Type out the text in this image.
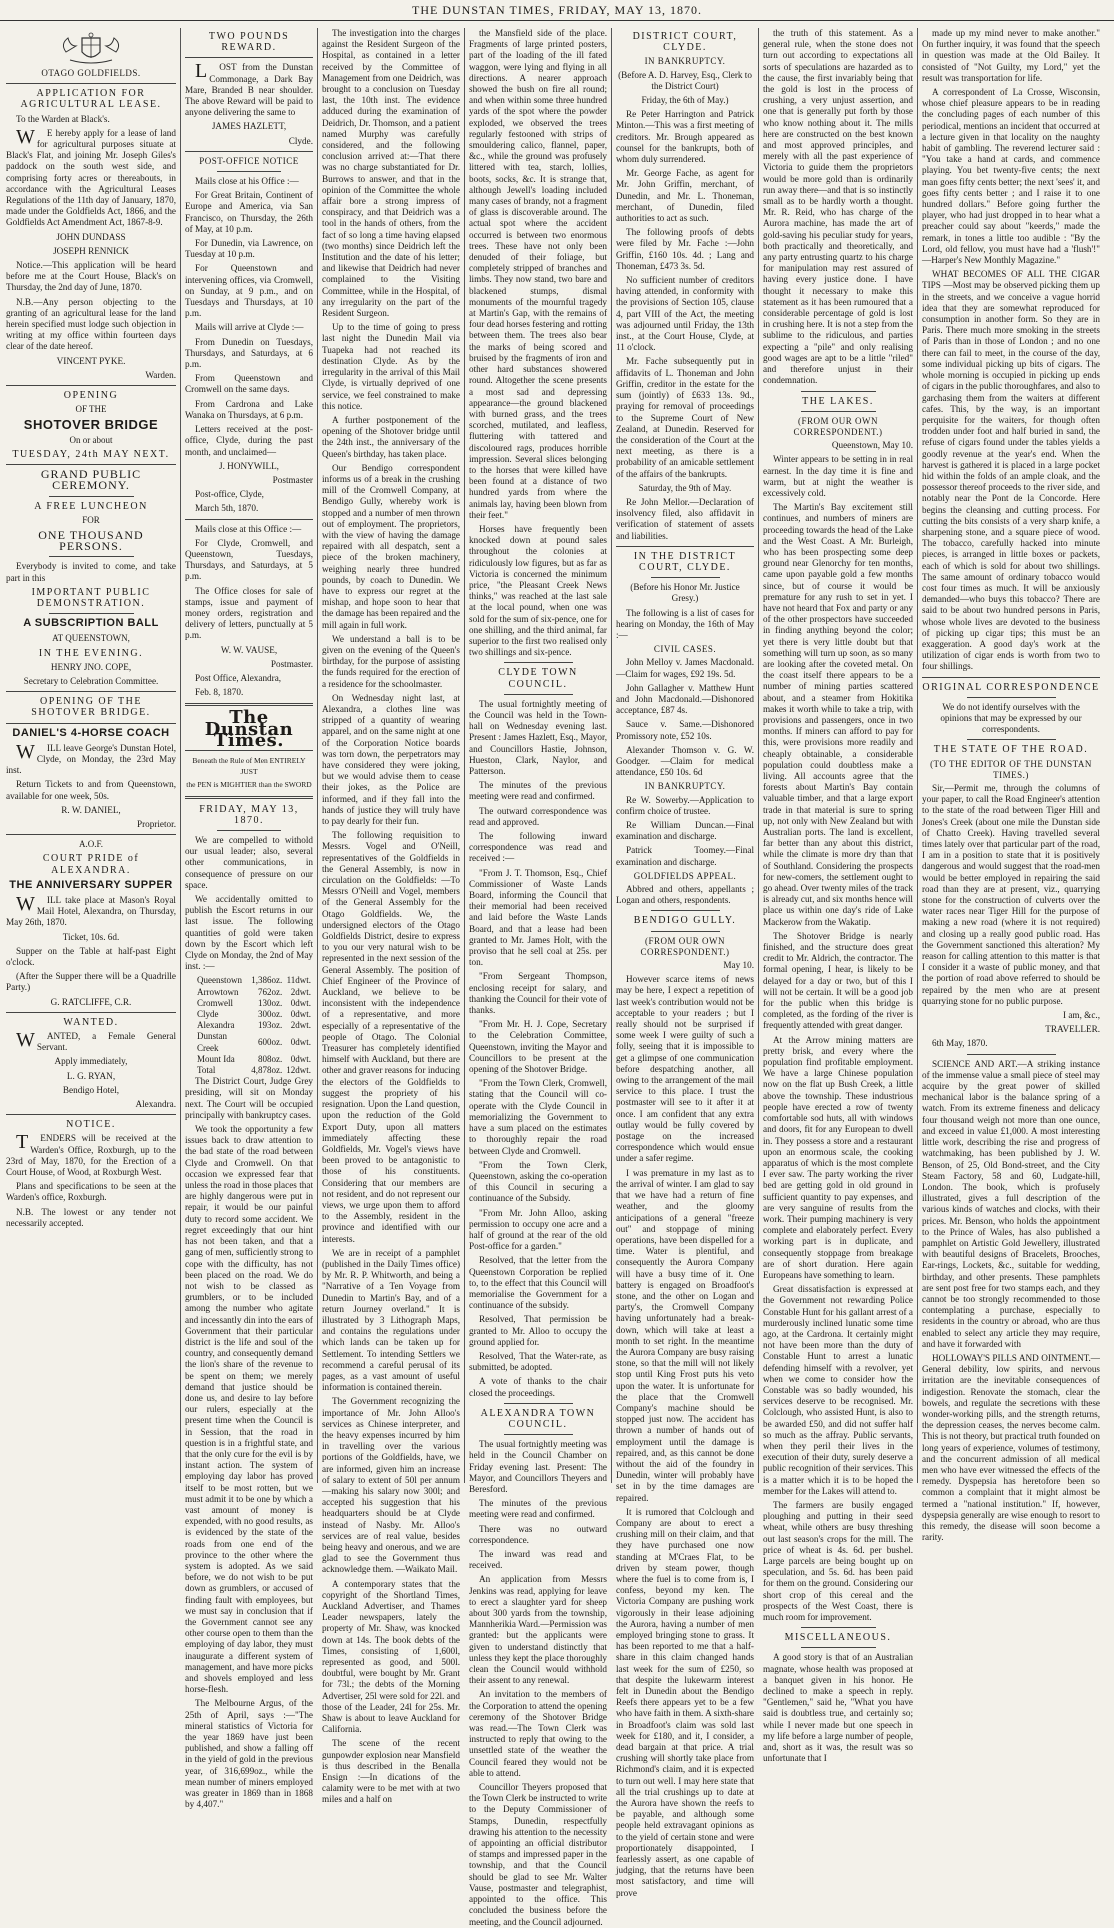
THE DUNSTAN TIMES, FRIDAY, MAY 13, 1870.
OTAGO GOLDFIELDS.
APPLICATION FOR AGRICULTURAL LEASE.

To the Warden at Black's.

WE hereby apply for a lease of land for agricultural purposes situate at Black's Flat, and joining Mr. Joseph Giles's paddock on the south west side, and comprising forty acres or thereabouts, in accordance with the Agricultural Leases Regulations of the 11th day of January, 1870, made under the Goldfields Act, 1866, and the Goldfields Act Amendment Act, 1867-8-9.

JOHN DUNDASS

JOSEPH RENNICK

Notice.—This application will be heard before me at the Court House, Black's on Thursday, the 2nd day of June, 1870.

N.B.—Any person objecting to the granting of an agricultural lease for the land herein specified must lodge such objection in writing at my office within fourteen days clear of the date hereof.

VINCENT PYKE.

Warden.

OPENING
OF THE
SHOTOVER BRIDGE
On or about
TUESDAY, 24th MAY NEXT.
GRAND PUBLIC CEREMONY.
A FREE LUNCHEON
FOR
ONE THOUSAND PERSONS.

Everybody is invited to come, and take part in this

IMPORTANT PUBLIC DEMONSTRATION.
A SUBSCRIPTION BALL
AT QUEENSTOWN,
IN THE EVENING.

HENRY JNO. COPE,

Secretary to Celebration Committee.

OPENING OF THE SHOTOVER BRIDGE.
DANIEL'S 4-HORSE COACH

WILL leave George's Dunstan Hotel, Clyde, on Monday, the 23rd May inst.

Return Tickets to and from Queenstown, available for one week, 50s.

R. W. DANIEL,

Proprietor.

A.O.F.
COURT PRIDE of ALEXANDRA.
THE ANNIVERSARY SUPPER

WILL take place at Mason's Royal Mail Hotel, Alexandra, on Thursday, May 26th, 1870.

Ticket, 10s. 6d.

Supper on the Table at half-past Eight o'clock.

(After the Supper there will be a Quadrille Party.)

G. RATCLIFFE, C.R.

WANTED.

WANTED, a Female General Servant.

Apply immediately,

L. G. RYAN,

Bendigo Hotel,

Alexandra.

NOTICE.

TENDERS will be received at the Warden's Office, Roxburgh, up to the 23rd of May, 1870, for the Erection of a Court House, of Wood, at Roxburgh West.

Plans and specifications to be seen at the Warden's office, Roxburgh.

N.B. The lowest or any tender not necessarily accepted.

TWO POUNDS REWARD.

LOST from the Dunstan Commonage, a Dark Bay Mare, Branded B near shoulder. The above Reward will be paid to anyone delivering the same to

JAMES HAZLETT,

Clyde.

POST-OFFICE NOTICE

Mails close at his Office :—

For Great Britain, Continent of Europe and America, via San Francisco, on Thursday, the 26th of May, at 10 p.m.

For Dunedin, via Lawrence, on Tuesday at 10 p.m.

For Queenstown and intervening offices, via Cromwell, on Sunday, at 9 p.m., and on Tuesdays and Thursdays, at 10 p.m.

Mails will arrive at Clyde :—

From Dunedin on Tuesdays, Thursdays, and Saturdays, at 6 p.m.

From Queenstown and Cromwell on the same days.

From Cardrona and Lake Wanaka on Thursdays, at 6 p.m.

Letters received at the post-office, Clyde, during the past month, and unclaimed—

J. HONYWILL,

Postmaster

Post-office, Clyde,

March 5th, 1870.

Mails close at this Office :—

For Clyde, Cromwell, and Queenstown, Tuesdays, Thursdays, and Saturdays, at 5 p.m.

The Office closes for sale of stamps, issue and payment of money orders, registration and delivery of letters, punctually at 5 p.m.

W. W. VAUSE,

Postmaster.

Post Office, Alexandra,

Feb. 8, 1870.

The Dunstan Times.
Beneath the Rule of Men ENTIRELY JUST
the PEN is MIGHTIER than the SWORD
FRIDAY, MAY 13, 1870.

We are compelled to withold our usual leader; also, several other communications, in consequence of pressure on our space.

We accidentally omitted to publish the Escort returns in our last issue. The following quantities of gold were taken down by the Escort which left Clyde on Monday, the 2nd of May inst. :—

Queenstown	1,386oz.	11dwt.
Arrowtown	762oz.	2dwt.
Cromwell	130oz.	0dwt.
Clyde	300oz.	0dwt.
Alexandra	193oz.	2dwt.
Dunstan Creek	600oz.	0dwt.
Mount Ida	808oz.	0dwt.
Total	4,878oz.	12dwt.

The District Court, Judge Grey presiding, will sit on Monday next. The Court will be occupied principally with bankruptcy cases.

We took the opportunity a few issues back to draw attention to the bad state of the road between Clyde and Cromwell. On that occasion we expressed fear that unless the road in those places that are highly dangerous were put in repair, it would be our painful duty to record some accident. We regret exceedingly that our hint has not been taken, and that a gang of men, sufficiently strong to cope with the difficulty, has not been placed on the road. We do not wish to be classed as grumblers, or to be included among the number who agitate and incessantly din into the ears of Government that their particular district is the life and soul of the country, and consequently demand the lion's share of the revenue to be spent on them; we merely demand that justice should be done us, and desire to lay before our rulers, especially at the present time when the Council is in Session, that the road in question is in a frightful state, and that the only cure for the evil is by instant action. The system of employing day labor has proved itself to be most rotten, but we must admit it to be one by which a vast amount of money is expended, with no good results, as is evidenced by the state of the roads from one end of the province to the other where the system is adopted. As we said before, we do not wish to be put down as grumblers, or accused of finding fault with employees, but we must say in conclusion that if the Government cannot see any other course open to them than the employing of day labor, they must inaugurate a different system of management, and have more picks and shovels employed and less horse-flesh.

The Melbourne Argus, of the 25th of April, says :—"The mineral statistics of Victoria for the year 1869 have just been published, and show a falling off in the yield of gold in the previous year, of 316,699oz., while the mean number of miners employed was greater in 1869 than in 1868 by 4,407."

The investigation into the charges against the Resident Surgeon of the Hospital, as contained in a letter received by the Committee of Management from one Deidrich, was brought to a conclusion on Tuesday last, the 10th inst. The evidence adduced during the examination of Deidrich, Dr. Thomson, and a patient named Murphy was carefully considered, and the following conclusion arrived at:—That there was no charge substantiated for Dr. Burrows to answer, and that in the opinion of the Committee the whole affair bore a strong impress of conspiracy, and that Deidrich was a tool in the hands of others, from the fact of so long a time having elapsed (two months) since Deidrich left the Institution and the date of his letter; and likewise that Deidrich had never complained to the Visiting Committee, while in the Hospital, of any irregularity on the part of the Resident Surgeon.

Up to the time of going to press last night the Dunedin Mail via Tuapeka had not reached its destination Clyde. As by the irregularity in the arrival of this Mail Clyde, is virtually deprived of one service, we feel constrained to make this notice.

A further postponement of the opening of the Shotover bridge until the 24th inst., the anniversary of the Queen's birthday, has taken place.

Our Bendigo correspondent informs us of a break in the crushing mill of the Cromwell Company, at Bendigo Gully, whereby work is stopped and a number of men thrown out of employment. The proprietors, with the view of having the damage repaired with all despatch, sent a piece of the broken machinery, weighing nearly three hundred pounds, by coach to Dunedin. We have to express our regret at the mishap, and hope soon to hear that the damage has been repaired and the mill again in full work.

We understand a ball is to be given on the evening of the Queen's birthday, for the purpose of assisting the funds required for the erection of a residence for the schoolmaster.

On Wednesday night last, at Alexandra, a clothes line was stripped of a quantity of wearing apparel, and on the same night at one of the Corporation Notice boards was torn down, the perpetrators may have considered they were joking, but we would advise them to cease their jokes, as the Police are informed, and if they fall into the hands of justice they will truly have to pay dearly for their fun.

The following requisition to Messrs. Vogel and O'Neill, representatives of the Goldfields in the General Assembly, is now in circulation on the Goldfields: —To Messrs O'Neill and Vogel, members of the General Assembly for the Otago Goldfields. We, the undersigned electors of the Otago Goldfields District, desire to express to you our very natural wish to be represented in the next session of the General Assembly. The position of Chief Engineer of the Province of Auckland, we believe to be inconsistent with the independence of a representative, and more especially of a representative of the people of Otago. The Colonial Treasurer has completely identified himself with Auckland, but there are other and graver reasons for inducing the electors of the Goldfields to suggest the propriety of his resignation. Upon the Land question, upon the reduction of the Gold Export Duty, upon all matters immediately affecting these Goldfields, Mr. Vogel's views have been proved to be antagonistic to those of his constituents. Considering that our members are not resident, and do not represent our views, we urge upon them to afford to the Assembly, resident in the province and identified with our interests.

We are in receipt of a pamphlet (published in the Daily Times office) by Mr. R. P. Whitworth, and being a "Narrative of a Ten Voyage from Dunedin to Martin's Bay, and of a return Journey overland." It is illustrated by 3 Lithograph Maps, and contains the regulations under which lands can be taken up for Settlement. To intending Settlers we recommend a careful perusal of its pages, as a vast amount of useful information is contained therein.

The Government recognizing the importance of Mr. John Alloo's services as Chinese interpreter, and the heavy expenses incurred by him in travelling over the various portions of the Goldfields, have, we are informed, given him an increase of salary to extent of 50l per annum—making his salary now 300l; and accepted his suggestion that his headquarters should be at Clyde instead of Nasby. Mr. Alloo's services are of real value, besides being heavy and onerous, and we are glad to see the Government thus acknowledge them. —Waikato Mail.

A contemporary states that the copyright of the Shortland Times, Auckland Advertiser, and Thames Leader newspapers, lately the property of Mr. Shaw, was knocked down at 14s. The book debts of the Times, consisting of 1,600l, represented as good, and 500l. doubtful, were bought by Mr. Grant for 73l.; the debts of the Morning Advertiser, 25l were sold for 22l. and those of the Leader, 24l for 25s. Mr. Shaw is about to leave Auckland for California.

The scene of the recent gunpowder explosion near Mansfield is thus described in the Benalla Ensign :—In dications of the calamity were to be met with at two miles and a half on

the Mansfield side of the place. Fragments of large printed posters, part of the loading of the ill fated waggon, were lying and flying in all directions. A nearer approach showed the bush on fire all round; and when within some three hundred yards of the spot where the powder exploded, we observed the trees regularly festooned with strips of smouldering calico, flannel, paper, &c., while the ground was profusely littered with tea, starch, lollies, boots, socks, &c. It is strange that, although Jewell's loading included many cases of brandy, not a fragment of glass is discoverable around. The actual spot where the accident occurred is between two enormous trees. These have not only been denuded of their foliage, but completely stripped of branches and limbs. They now stand, two bare and blackened stumps, dismal monuments of the mournful tragedy at Martin's Gap, with the remains of four dead horses festering and rotting between them. The trees also bear the marks of being scored and bruised by the fragments of iron and other hard substances showered round. Altogether the scene presents a most sad and depressing appearance—the ground blackened with burned grass, and the trees scorched, mutilated, and leafless, fluttering with tattered and discoloured rags, produces horrible impression. Several slices belonging to the horses that were killed have been found at a distance of two hundred yards from where the animals lay, having been blown from their feet."

Horses have frequently been knocked down at pound sales throughout the colonies at ridiculously low figures, but as far as Victoria is concerned the minimum price, "the Pleasant Creek News thinks," was reached at the last sale at the local pound, when one was sold for the sum of six-pence, one for one shilling, and the third animal, far superior to the first two realised only two shillings and six-pence.

CLYDE TOWN COUNCIL.

The usual fortnightly meeting of the Council was held in the Town-hall on Wednesday evening last. Present : James Hazlett, Esq., Mayor, and Councillors Hastie, Johnson, Hueston, Clark, Naylor, and Patterson.

The minutes of the previous meeting were read and confirmed.

The outward correspondence was read and approved.

The following inward correspondence was read and received :—

"From J. T. Thomson, Esq., Chief Commissioner of Waste Lands Board, informing the Council that their memorial had been received and laid before the Waste Lands Board, and that a lease had been granted to Mr. James Holt, with the proviso that he sell coal at 25s. per ton.

"From Sergeant Thompson, enclosing receipt for salary, and thanking the Council for their vote of thanks.

"From Mr. H. J. Cope, Secretary to the Celebration Committee, Queenstown, inviting the Mayor and Councillors to be present at the opening of the Shotover Bridge.

"From the Town Clerk, Cromwell, stating that the Council will co-operate with the Clyde Council in memorializing the Government to have a sum placed on the estimates to thoroughly repair the road between Clyde and Cromwell.

"From the Town Clerk, Queenstown, asking the co-operation of this Council in securing a continuance of the Subsidy.

"From Mr. John Alloo, asking permission to occupy one acre and a half of ground at the rear of the old Post-office for a garden."

Resolved, that the letter from the Queenstown Corporation be replied to, to the effect that this Council will memorialise the Government for a continuance of the subsidy.

Resolved, That permission be granted to Mr. Alloo to occupy the ground applied for.

Resolved, That the Water-rate, as submitted, be adopted.

A vote of thanks to the chair closed the proceedings.

ALEXANDRA TOWN COUNCIL.

The usual fortnightly meeting was held in the Council Chamber on Friday evening last. Present: The Mayor, and Councillors Theyers and Beresford.

The minutes of the previous meeting were read and confirmed.

There was no outward correspondence.

The inward was read and received.

An application from Messrs Jenkins was read, applying for leave to erect a slaughter yard for sheep about 300 yards from the township, Mannherikia Ward.—Permission was granted: but the applicants were given to understand distinctly that unless they kept the place thoroughly clean the Council would withhold their assent to any renewal.

An invitation to the members of the Corporation to attend the opening ceremony of the Shotover Bridge was read.—The Town Clerk was instructed to reply that owing to the unsettled state of the weather the Council feared they would not be able to attend.

Councillor Theyers proposed that the Town Clerk be instructed to write to the Deputy Commissioner of Stamps, Dunedin, respectfully drawing his attention to the necessity of appointing an official distributor of stamps and impressed paper in the township, and that the Council should be glad to see Mr. Walter Vause, postmaster and telegraphist, appointed to the office. This concluded the business before the meeting, and the Council adjourned.

DISTRICT COURT, CLYDE.
IN BANKRUPTCY.

(Before A. D. Harvey, Esq., Clerk to the District Court)

Friday, the 6th of May.)

Re Peter Harrington and Patrick Minton.—This was a first meeting of creditors. Mr. Brough appeared as counsel for the bankrupts, both of whom duly surrendered.

Mr. George Fache, as agent for Mr. John Griffin, merchant, of Dunedin, and Mr. L. Thoneman, merchant, of Dunedin, filed authorities to act as such.

The following proofs of debts were filed by Mr. Fache :—John Griffin, £160 10s. 4d. ; Lang and Thoneman, £473 3s. 5d.

No sufficient number of creditors having attended, in conformity with the provisions of Section 105, clause 4, part VIII of the Act, the meeting was adjourned until Friday, the 13th inst., at the Court House, Clyde, at 11 o'clock.

Mr. Fache subsequently put in affidavits of L. Thoneman and John Griffin, creditor in the estate for the sum (jointly) of £633 13s. 9d., praying for removal of proceedings to the Supreme Court of New Zealand, at Dunedin. Reserved for the consideration of the Court at the next meeting, as there is a probability of an amicable settlement of the affairs of the bankrupts.

Saturday, the 9th of May.

Re John Mellor.—Declaration of insolvency filed, also affidavit in verification of statement of assets and liabilities.

IN THE DISTRICT COURT, CLYDE.

(Before his Honor Mr. Justice Gresy.)

The following is a list of cases for hearing on Monday, the 16th of May :—

CIVIL CASES.

John Melloy v. James Macdonald.—Claim for wages, £92 19s. 5d.

John Gallagher v. Matthew Hunt and John Macdonald.—Dishonored acceptance, £87 4s.

Sauce v. Same.—Dishonored Promissory note, £52 10s.

Alexander Thomson v. G. W. Goodger. —Claim for medical attendance, £50 10s. 6d

IN BANKRUPTCY.

Re W. Sowerby.—Application to confirm choice of trustee.

Re William Duncan.—Final examination and discharge.

Patrick Toomey.—Final examination and discharge.

GOLDFIELDS APPEAL.

Abbred and others, appellants ; Logan and others, respondents.

BENDIGO GULLY.
(FROM OUR OWN CORRESPONDENT.)

May 10.

However scarce items of news may be here, I expect a repetition of last week's contribution would not be acceptable to your readers ; but I really should not be surprised if some week I were guilty of such a folly, seeing that it is impossible to get a glimpse of one communication before despatching another, all owing to the arrangement of the mail service to this place. I trust the postmaster will see to it after it at once. I am confident that any extra outlay would be fully covered by postage on the increased correspondence which would ensue under a safer regime.

I was premature in my last as to the arrival of winter. I am glad to say that we have had a return of fine weather, and the gloomy anticipations of a general "freeze out" and stoppage of mining operations, have been dispelled for a time. Water is plentiful, and consequently the Aurora Company will have a busy time of it. One battery is engaged on Broadfoot's stone, and the other on Logan and party's, the Cromwell Company having unfortunately had a break-down, which will take at least a month to set right. In the meantime the Aurora Company are busy raising stone, so that the mill will not likely stop until King Frost puts his veto upon the water. It is unfortunate for the place that the Cromwell Company's machine should be stopped just now. The accident has thrown a number of hands out of employment until the damage is repaired, and, as this cannot be done without the aid of the foundry in Dunedin, winter will probably have set in by the time damages are repaired.

It is rumored that Colclough and Company are about to erect a crushing mill on their claim, and that they have purchased one now standing at M'Craes Flat, to be driven by steam power, though where the fuel is to come from is, I confess, beyond my ken. The Victoria Company are pushing work vigorously in their lease adjoining the Aurora, having a number of men employed bringing stone to grass. It has been reported to me that a half-share in this claim changed hands last week for the sum of £250, so that despite the lukewarm interest felt in Dunedin about the Bendigo Reefs there appears yet to be a few who have faith in them. A sixth-share in Broadfoot's claim was sold last week for £180, and it, I consider, a dead bargain at that price. A trial crushing will shortly take place from Richmond's claim, and it is expected to turn out well. I may here state that all the trial crushings up to date at the Aurora have shown the reefs to be payable, and although some people held extravagant opinions as to the yield of certain stone and were proportionately disappointed, I fearlessly assert, as one capable of judging, that the returns have been most satisfactory, and time will prove

the truth of this statement. As a general rule, when the stone does not turn out according to expectations all sorts of speculations are hazarded as to the cause, the first invariably being that the gold is lost in the process of crushing, a very unjust assertion, and one that is generally put forth by those who know nothing about it. The mills here are constructed on the best known and most approved principles, and merely with all the past experience of Victoria to guide them the proprietors would be more gold than is ordinarily run away there—and that is so instinctly small as to be hardly worth a thought. Mr. R. Reid, who has charge of the Aurora machine, has made the art of gold-saving his peculiar study for years, both practically and theoretically, and any party entrusting quartz to his charge for manipulation may rest assured of having every justice done. I have thought it necessary to make this statement as it has been rumoured that a considerable percentage of gold is lost in crushing here. It is not a step from the sublime to the ridiculous, and parties expecting a "pile" and only realising good wages are apt to be a little "riled" and therefore unjust in their condemnation.

THE LAKES.
(FROM OUR OWN CORRESPONDENT.)

Queenstown, May 10.

Winter appears to be setting in in real earnest. In the day time it is fine and warm, but at night the weather is excessively cold.

The Martin's Bay excitement still continues, and numbers of miners are proceeding towards the head of the Lake and the West Coast. A Mr. Burleigh, who has been prospecting some deep ground near Glenorchy for ten months, came upon payable gold a few months since, but of course it would be premature for any rush to set in yet. I have not heard that Fox and party or any of the other prospectors have succeeded in finding anything beyond the color; yet there is very little doubt but that something will turn up soon, as so many are looking after the coveted metal. On the coast itself there appears to be a number of mining parties scattered about, and a steamer from Hokitika makes it worth while to take a trip, with provisions and passengers, once in two months. If miners can afford to pay for this, were provisions more readily and cheaply obtainable, a considerable population could doubtless make a living. All accounts agree that the forests about Martin's Bay contain valuable timber, and that a large export trade in that material is sure to spring up, not only with New Zealand but with Australian ports. The land is excellent, far better than any about this district, while the climate is more dry than that of Southland. Considering the prospects for new-comers, the settlement ought to go ahead. Over twenty miles of the track is already cut, and six months hence will place us within one day's ride of Lake Mackerow from the Wakatip.

The Shotover Bridge is nearly finished, and the structure does great credit to Mr. Aldrich, the contractor. The formal opening, I hear, is likely to be delayed for a day or two, but of this I will not be certain. It will be a good job for the public when this bridge is completed, as the fording of the river is frequently attended with great danger.

At the Arrow mining matters are pretty brisk, and every where the population find profitable employment. We have a large Chinese population now on the flat up Bush Creek, a little above the township. These industrious people have erected a row of twenty comfortable sod huts, all with windows and doors, fit for any European to dwell in. They possess a store and a restaurant upon an enormous scale, the cooking apparatus of which is the most complete I ever saw. The party working the river bed are getting gold in old ground in sufficient quantity to pay expenses, and are very sanguine of results from the work. Their pumping machinery is very complete and elaborately perfect. Every working part is in duplicate, and consequently stoppage from breakage are of short duration. Here again Europeans have something to learn.

Great dissatisfaction is expressed at the Government not rewarding Police Constable Hunt for his gallant arrest of a murderously inclined lunatic some time ago, at the Cardrona. It certainly might not have been more than the duty of Constable Hunt to arrest a lunatic defending himself with a revolver, yet when we come to consider how the Constable was so badly wounded, his services deserve to be recognised. Mr. Colclough, who assisted Hunt, is also to be awarded £50, and did not suffer half so much as the affray. Public servants, when they peril their lives in the execution of their duty, surely deserve a public recognition of their services. This is a matter which it is to be hoped the member for the Lakes will attend to.

The farmers are busily engaged ploughing and putting in their seed wheat, while others are busy threshing out last season's crops for the mill. The price of wheat is 4s. 6d. per bushel. Large parcels are being bought up on speculation, and 5s. 6d. has been paid for them on the ground. Considering our short crop of this cereal and the prospects of the West Coast, there is much room for improvement.

MISCELLANEOUS.

A good story is that of an Australian magnate, whose health was proposed at a banquet given in his honor. He declined to make a speech in reply. "Gentlemen," said he, "What you have said is doubtless true, and certainly so; while I never made but one speech in my life before a large number of people, and, short as it was, the result was so unfortunate that I

made up my mind never to make another." On further inquiry, it was found that the speech in question was made at the Old Bailey. It consisted of "Not Guilty, my Lord," yet the result was transportation for life.

A correspondent of La Crosse, Wisconsin, whose chief pleasure appears to be in reading the concluding pages of each number of this periodical, mentions an incident that occurred at a lecture given in that locality on the naughty habit of gambling. The reverend lecturer said : "You take a hand at cards, and commence playing. You bet twenty-five cents; the next man goes fifty cents better; the next 'sees' it, and goes fifty cents better ; and I raise it to one hundred dollars." Before going further the player, who had just dropped in to hear what a preacher could say about "keerds," made the remark, in tones a little too audible : "By the Lord, old fellow, you must have had a 'flush'!" —Harper's New Monthly Magazine."

WHAT BECOMES OF ALL THE CIGAR TIPS —Most may be observed picking them up in the streets, and we conceive a vague horrid idea that they are somewhat reproduced for consumption in another form. So they are in Paris. There much more smoking in the streets of Paris than in those of London ; and no one there can fail to meet, in the course of the day, some individual picking up bits of cigars. The whole morning is occupied in picking up ends of cigars in the public thoroughfares, and also to garchasing them from the waiters at different cafes. This, by the way, is an important perquisite for the waiters, for though often trodden under foot and half buried in sand, the refuse of cigars found under the tables yields a goodly revenue at the year's end. When the harvest is gathered it is placed in a large pocket hid within the folds of an ample cloak, and the possessor thereof proceeds to the river side, and notably near the Pont de la Concorde. Here begins the cleansing and cutting process. For cutting the bits consists of a very sharp knife, a sharpening stone, and a square piece of wood. The tobacco, carefully hacked into minute pieces, is arranged in little boxes or packets, each of which is sold for about two shillings. The same amount of ordinary tobacco would cost four times as much. It will be anxiously demanded—who buys this tobacco? There are said to be about two hundred persons in Paris, whose whole lives are devoted to the business of picking up cigar tips; this must be an exaggeration. A good day's work at the utilization of cigar ends is worth from two to four shillings.

ORIGINAL CORRESPONDENCE

We do not identify ourselves with the opinions that may be expressed by our correspondents.

THE STATE OF THE ROAD.
(TO THE EDITOR OF THE DUNSTAN TIMES.)

Sir,—Permit me, through the columns of your paper, to call the Road Engineer's attention to the state of the road between Tiger Hill and Jones's Creek (about one mile the Dunstan side of Chatto Creek). Having travelled several times lately over that particular part of the road, I am in a position to state that it is positively dangerous and would suggest that the road-men would be better employed in repairing the said road than they are at present, viz., quarrying stone for the construction of culverts over the water races near Tiger Hill for the purpose of making a new road (where it is not required) and closing up a really good public road. Has the Government sanctioned this alteration? My reason for calling attention to this matter is that I consider it a waste of public money, and that the portion of road above referred to should be repaired by the men who are at present quarrying stone for no public purpose.

I am, &c.,

TRAVELLER.

6th May, 1870.

SCIENCE AND ART.—A striking instance of the immense value a small piece of steel may acquire by the great power of skilled mechanical labor is the balance spring of a watch. From its extreme fineness and delicacy four thousand weigh not more than one ounce, and exceed in value £1,000. A most interesting little work, describing the rise and progress of watchmaking, has been published by J. W. Benson, of 25, Old Bond-street, and the City Steam Factory, 58 and 60, Ludgate-hill, London. The book, which is profusely illustrated, gives a full description of the various kinds of watches and clocks, with their prices. Mr. Benson, who holds the appointment to the Prince of Wales, has also published a pamphlet on Artistic Gold Jewellery, illustrated with beautiful designs of Bracelets, Brooches, Ear-rings, Lockets, &c., suitable for wedding, birthday, and other presents. These pamphlets are sent post free for two stamps each, and they cannot be too strongly recommended to those contemplating a purchase, especially to residents in the country or abroad, who are thus enabled to select any article they may require, and have it forwarded with

HOLLOWAY'S PILLS AND OINTMENT.—General debility, low spirits, and nervous irritation are the inevitable consequences of indigestion. Renovate the stomach, clear the bowels, and regulate the secretions with these wonder-working pills, and the strength returns, the depression ceases, the nerves become calm. This is not theory, but practical truth founded on long years of experience, volumes of testimony, and the concurrent admission of all medical men who have ever witnessed the effects of the remedy. Dyspepsia has heretofore been so common a complaint that it might almost be termed a "national institution." If, however, dyspepsia generally are wise enough to resort to this remedy, the disease will soon become a rarity.
